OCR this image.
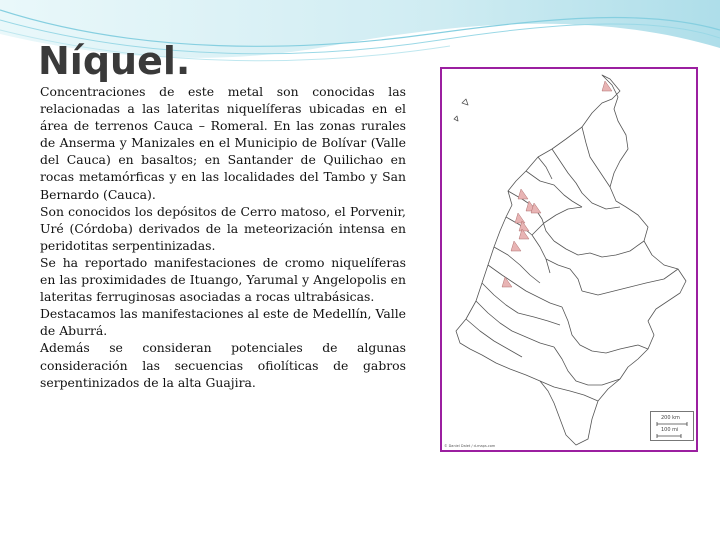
Níquel.

Concentraciones de este metal son conocidas las relacionadas a las lateritas niquelíferas ubicadas en el área de terrenos Cauca – Romeral. En las zonas rurales de Anserma y Manizales en el Municipio de Bolívar (Valle del Cauca) en basaltos; en Santander de Quilichao en rocas metamórficas y en las localidades del Tambo y San Bernardo (Cauca).

Son conocidos los depósitos de Cerro matoso, el Porvenir, Uré (Córdoba) derivados de la meteorización intensa en peridotitas serpentinizadas.

Se ha reportado manifestaciones de cromo niquelíferas en las proximidades de Ituango, Yarumal y Angelopolis en lateritas ferruginosas asociadas a rocas ultrabásicas.

Destacamos las manifestaciones al este de Medellín, Valle de Aburrá.

Además se consideran potenciales de algunas consideración las secuencias ofiolíticas de gabros serpentinizados de la alta Guajira.

200 km
100 mi
© Daniel Dalet / d-maps.com
